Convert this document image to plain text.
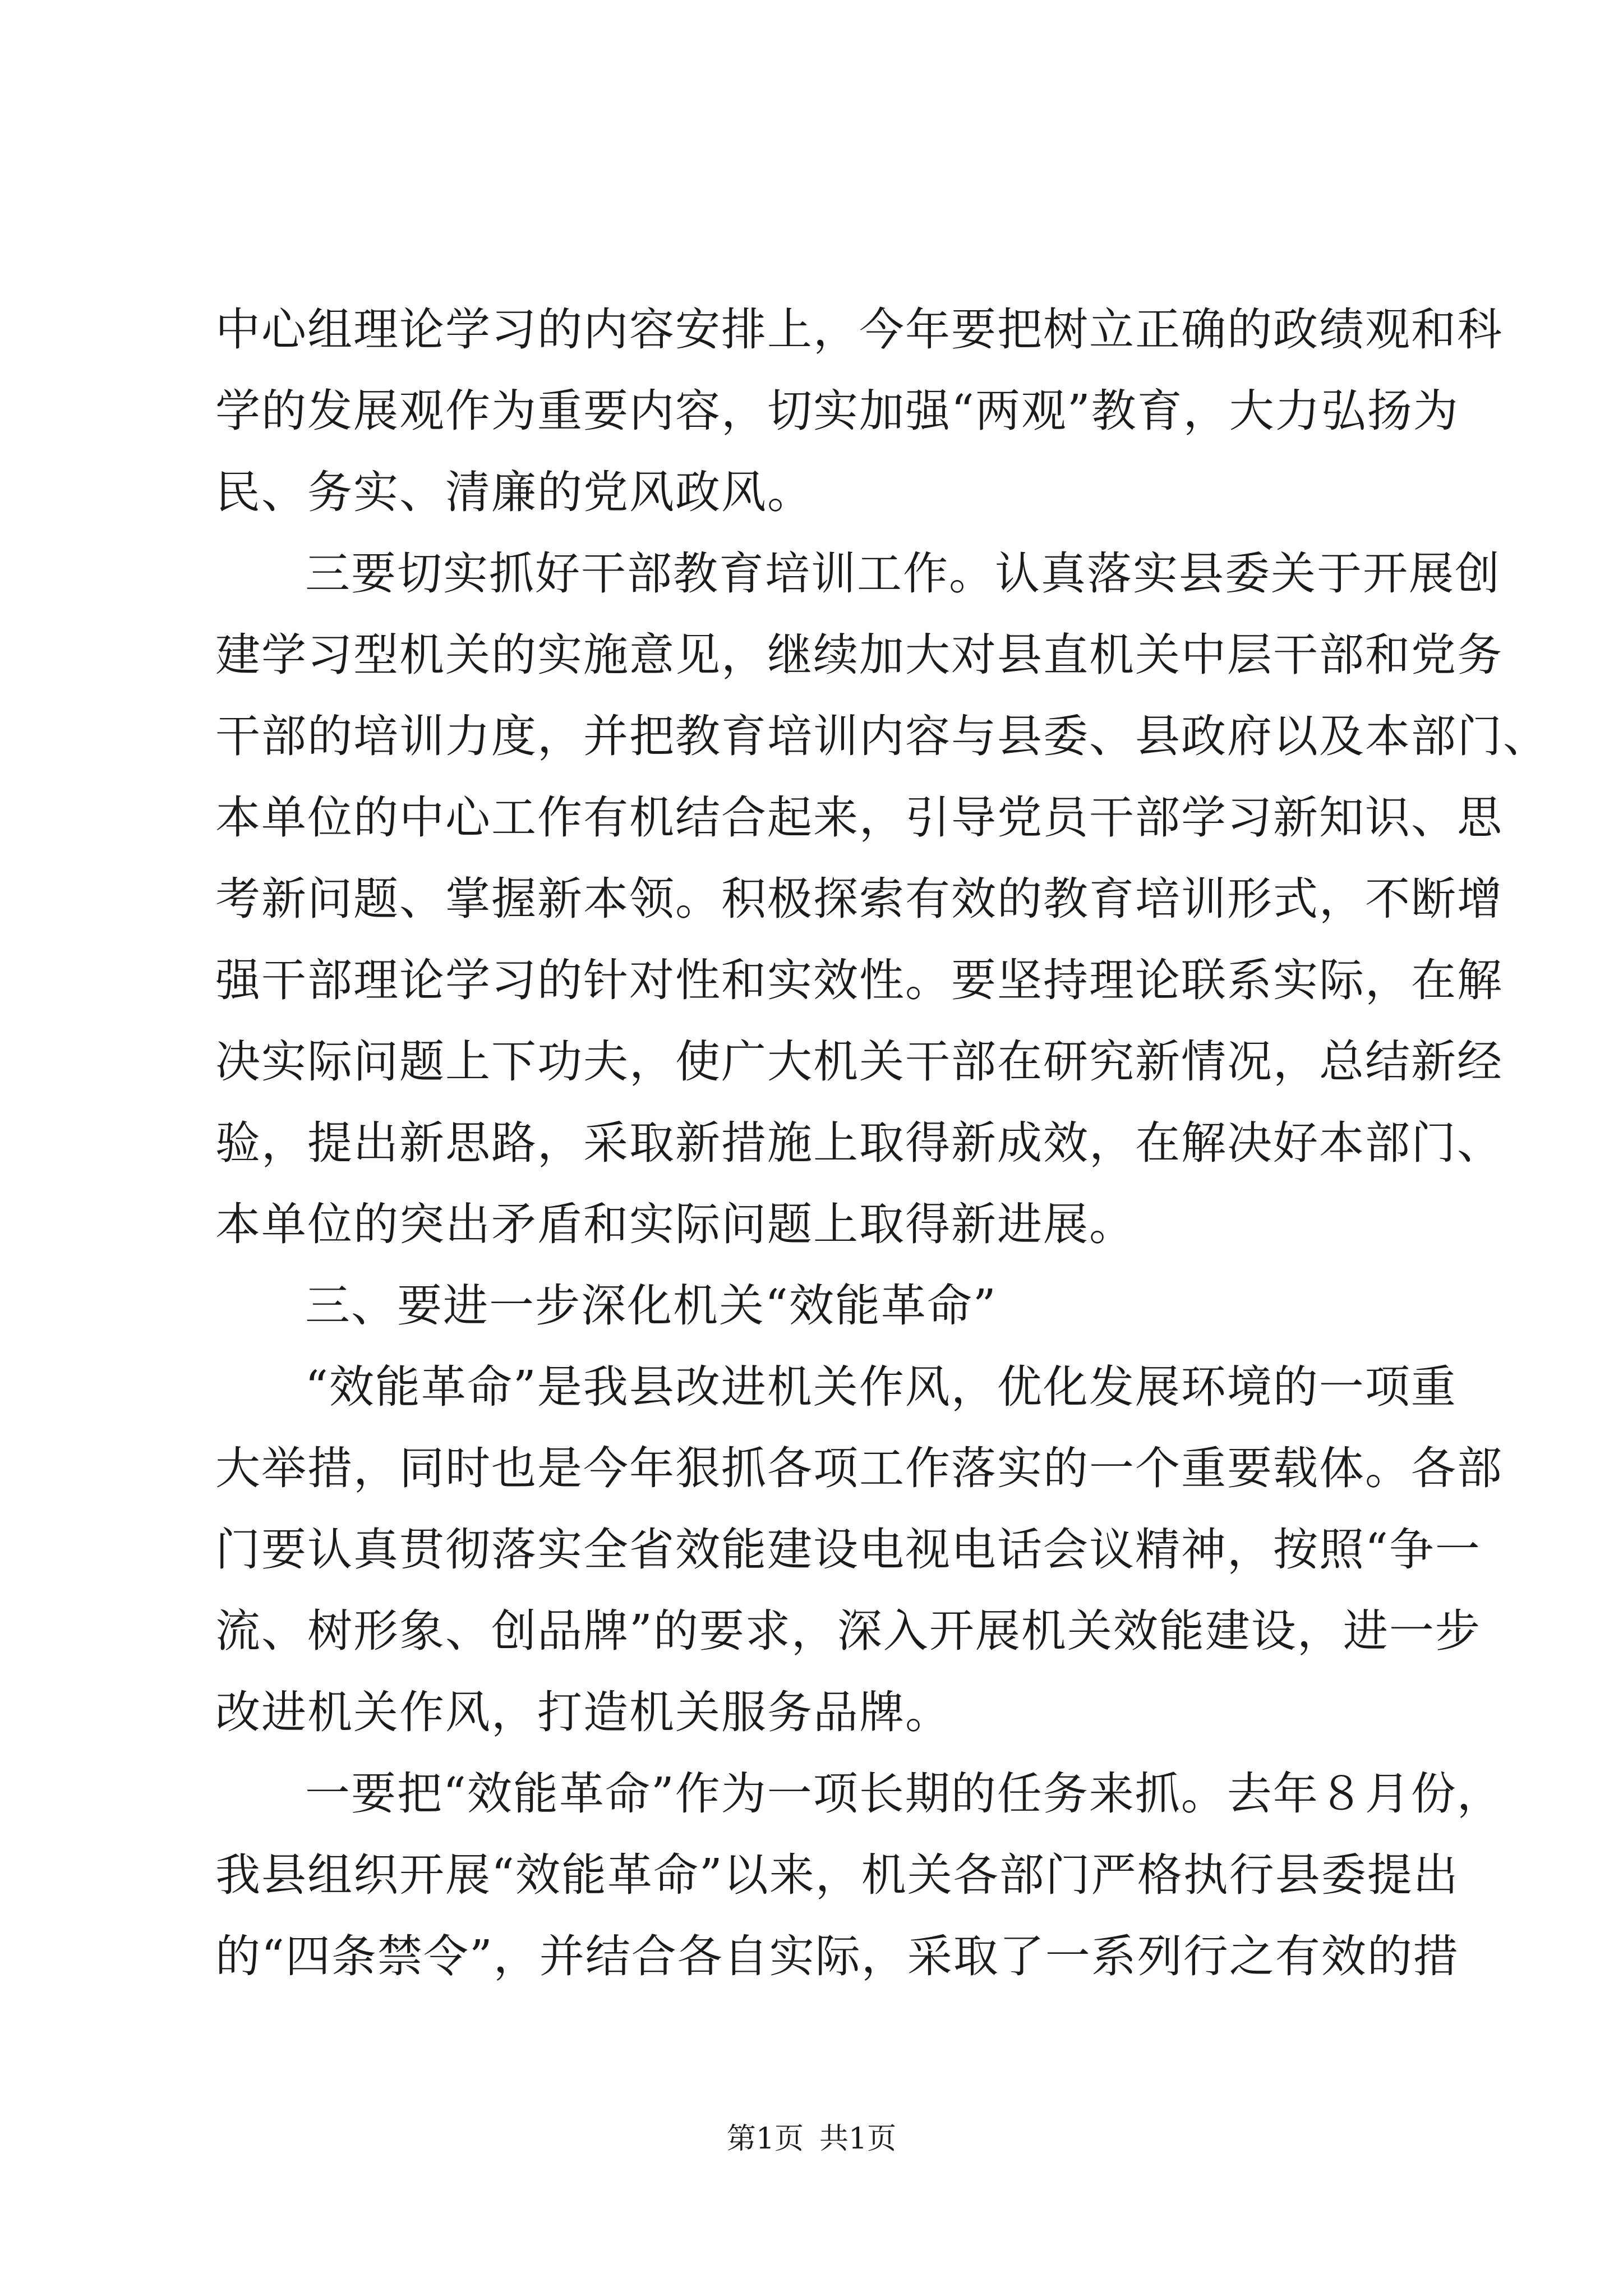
中心组理论学习的内容安排上，今年要把树立正确的政绩观和科
学的发展观作为重要内容，切实加强“两观”教育，大力弘扬为
民、务实、清廉的党风政风。
三要切实抓好干部教育培训工作。认真落实县委关于开展创
建学习型机关的实施意见，继续加大对县直机关中层干部和党务
干部的培训力度，并把教育培训内容与县委、县政府以及本部门、
本单位的中心工作有机结合起来，引导党员干部学习新知识、思
考新问题、掌握新本领。积极探索有效的教育培训形式，不断增
强干部理论学习的针对性和实效性。要坚持理论联系实际，在解
决实际问题上下功夫，使广大机关干部在研究新情况，总结新经
验，提出新思路，采取新措施上取得新成效，在解决好本部门、
本单位的突出矛盾和实际问题上取得新进展。
三、要进一步深化机关“效能革命”
“效能革命”是我县改进机关作风，优化发展环境的一项重
大举措，同时也是今年狠抓各项工作落实的一个重要载体。各部
门要认真贯彻落实全省效能建设电视电话会议精神，按照“争一
流、树形象、创品牌”的要求，深入开展机关效能建设，进一步
改进机关作风，打造机关服务品牌。
一要把“效能革命”作为一项长期的任务来抓。去年８月份，
我县组织开展“效能革命”以来，机关各部门严格执行县委提出
的“四条禁令”，并结合各自实际，采取了一系列行之有效的措
第1页 共1页
